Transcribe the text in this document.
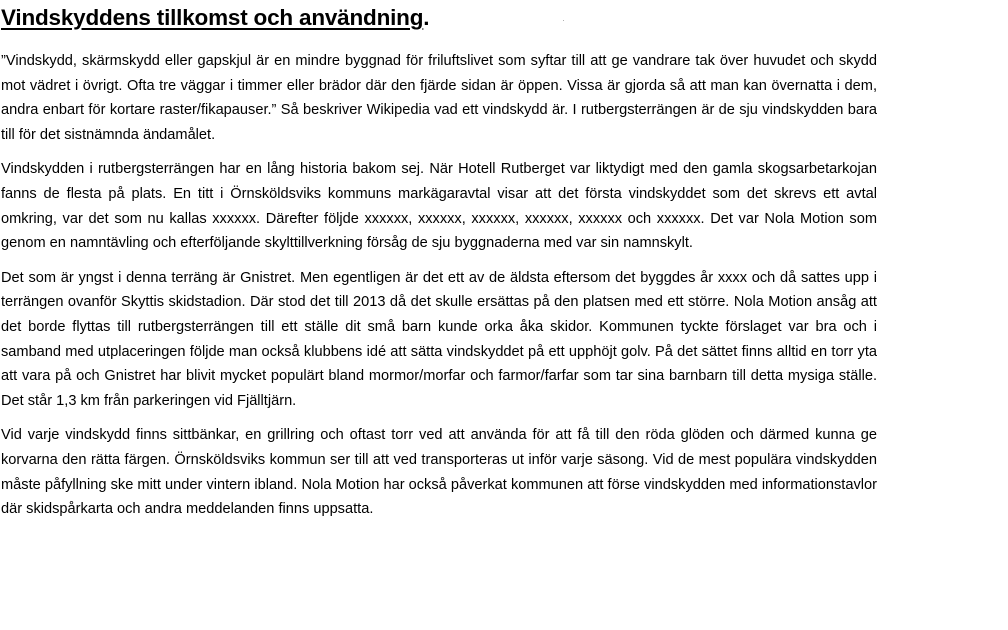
Vindskyddens tillkomst och användning.

”Vindskydd, skärmskydd eller gapskjul är en mindre byggnad för friluftslivet som syftar till att ge vandrare tak över huvudet och skydd mot vädret i övrigt. Ofta tre väggar i timmer eller brädor där den fjärde sidan är öppen. Vissa är gjorda så att man kan övernatta i dem, andra enbart för kortare raster/fikapauser.” Så beskriver Wikipedia vad ett vindskydd är. I rutbergsterrängen är de sju vindskydden bara till för det sistnämnda ändamålet.

Vindskydden i rutbergsterrängen har en lång historia bakom sej. När Hotell Rutberget var liktydigt med den gamla skogsarbetarkojan fanns de flesta på plats. En titt i Örnsköldsviks kommuns markägaravtal visar att det första vindskyddet som det skrevs ett avtal omkring, var det som nu kallas xxxxxx. Därefter följde xxxxxx, xxxxxx, xxxxxx, xxxxxx, xxxxxx och xxxxxx. Det var Nola Motion som genom en namntävling och efterföljande skylttillverkning försåg de sju byggnaderna med var sin namnskylt.

Det som är yngst i denna terräng är Gnistret. Men egentligen är det ett av de äldsta eftersom det byggdes år xxxx och då sattes upp i terrängen ovanför Skyttis skidstadion. Där stod det till 2013 då det skulle ersättas på den platsen med ett större. Nola Motion ansåg att det borde flyttas till rutbergsterrängen till ett ställe dit små barn kunde orka åka skidor. Kommunen tyckte förslaget var bra och i samband med utplaceringen följde man också klubbens idé att sätta vindskyddet på ett upphöjt golv. På det sättet finns alltid en torr yta att vara på och Gnistret har blivit mycket populärt bland mormor/morfar och farmor/farfar som tar sina barnbarn till detta mysiga ställe. Det står 1,3 km från parkeringen vid Fjälltjärn.

Vid varje vindskydd finns sittbänkar, en grillring och oftast torr ved att använda för att få till den röda glöden och därmed kunna ge korvarna den rätta färgen. Örnsköldsviks kommun ser till att ved transporteras ut inför varje säsong. Vid de mest populära vindskydden måste påfyllning ske mitt under vintern ibland. Nola Motion har också påverkat kommunen att förse vindskydden med informationstavlor där skidspårkarta och andra meddelanden finns uppsatta.
